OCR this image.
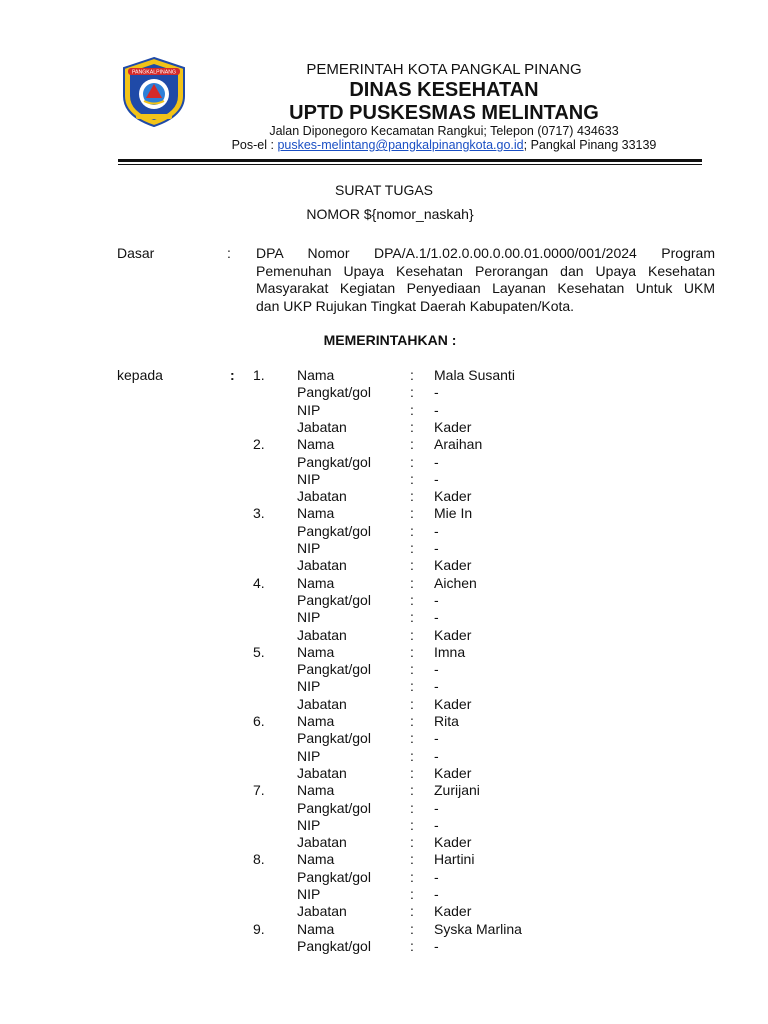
PANGKALPINANG	PEMERINTAH KOTA PANGKAL PINANG
DINAS KESEHATAN
UPTD PUSKESMAS MELINTANG
Jalan Diponegoro Kecamatan Rangkui; Telepon (0717) 434633
Pos-el : puskes-melintang@pangkalpinangkota.go.id; Pangkal Pinang 33139
SURAT TUGAS
NOMOR ${nomor_naskah}
Dasar	: DPA Nomor DPA/A.1/1.02.0.00.0.00.01.0000/001/2024 Program
Pemenuhan Upaya Kesehatan Perorangan dan Upaya Kesehatan
Masyarakat Kegiatan Penyediaan Layanan Kesehatan Untuk UKM
dan UKP Rujukan Tingkat Daerah Kabupaten/Kota.
MEMERINTAHKAN :
kepada	: 1. Nama	: Mala Susanti
Pangkat/gol	: -
NIP	: -
Jabatan	: Kader
2. Nama	: Araihan
Pangkat/gol	: -
NIP	: -
Jabatan	: Kader
3. Nama	: Mie In
Pangkat/gol	: -
NIP	: -
Jabatan	: Kader
4. Nama	: Aichen
Pangkat/gol	: -
NIP	: -
Jabatan	: Kader
5. Nama	: Imna
Pangkat/gol	: -
NIP	: -
Jabatan	: Kader
6. Nama	: Rita
Pangkat/gol	: -
NIP	: -
Jabatan	: Kader
7. Nama	: Zurijani
Pangkat/gol	: -
NIP	: -
Jabatan	: Kader
8. Nama	: Hartini
Pangkat/gol	: -
NIP	: -
Jabatan	: Kader
9. Nama	: Syska Marlina
Pangkat/gol	: -
